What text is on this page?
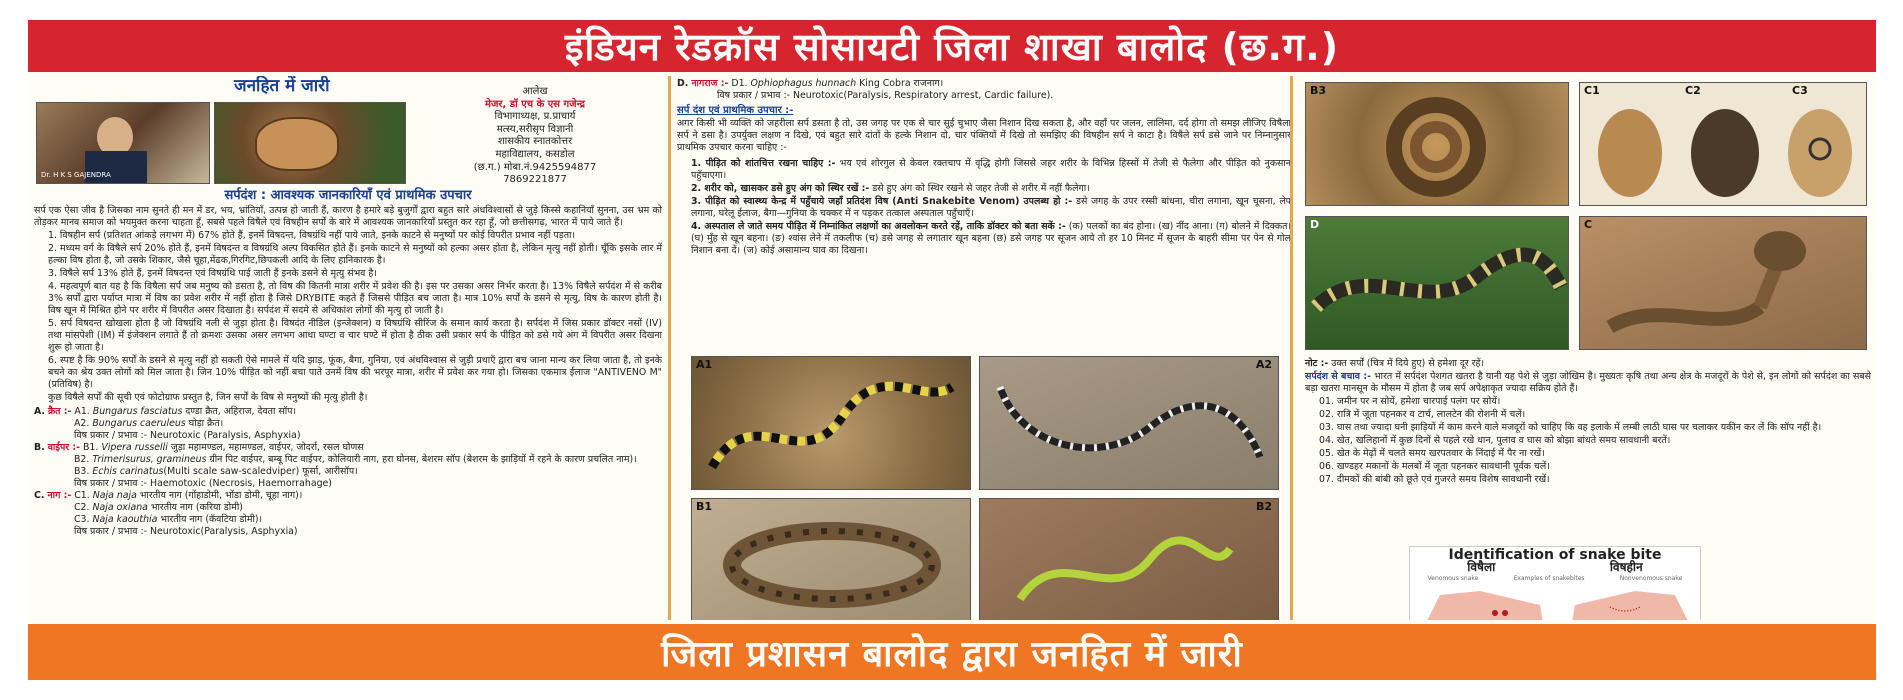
इंडियन रेडक्रॉस सोसायटी जिला शाखा बालोद (छ.ग.)
Dr. H K S GAJENDRA
जनहित में जारी	आलेख
मेजर, डॉ एच के एस गजेन्द्र
विभागाध्यक्ष, प्र.प्राचार्य
मत्स्य,सरीसृप विज्ञानी
शासकीय स्नातकोत्तर
महाविद्यालय, कसडोल
(छ.ग.) मोबा.नं.9425594877
7869221877
सर्पदंश : आवश्यक जानकारियाँ एवं प्राथमिक उपचार

सर्प एक ऐसा जीव है जिसका नाम सुनते ही मन में डर, भय, भ्रांतियाँ, उत्पन्न हो जाती हैं, कारण है हमारे बड़े बुजुर्गों द्वारा बहुत सारे अंधविश्वासों से जुड़े किस्से कहानियाँ सुनना, उस भ्रम को तोड़कर मानव समाज को भयमुक्त करना चाहता हूँ, सबसे पहले विषैले एवं विषहीन सर्पों के बारे में आवश्यक जानकारियाँ प्रस्तुत कर रहा हूँ, जो छत्तीसगढ़, भारत में पाये जाते हैं।

1. विषहीन सर्प (प्रतिशत आंकड़े लगभग में) 67% होते हैं, इनमें विषदन्त, विषग्रंथि नहीं पाये जाते, इनके काटने से मनुष्यों पर कोई विपरीत प्रभाव नहीं पड़ता।

2. मध्यम वर्ग के विषैले सर्प 20% होते हैं, इनमें विषदन्त व विषग्रंथि अल्प विकसित होते हैं। इनके काटने से मनुष्यों को हल्का असर होता है, लेकिन मृत्यु नहीं होती। चूँकि इसके लार में हल्का विष होता है, जो उसके शिकार, जैसे चूहा,मेंढक,गिरगिट,छिपकली आदि के लिए हानिकारक है।

3. विषैले सर्प 13% होते हैं, इनमें विषदन्त एवं विषग्रंथि पाई जाती हैं इनके डसने से मृत्यु संभव है।

4. महत्वपूर्ण बात यह है कि विषैला सर्प जब मनुष्य को डसता है, तो विष की कितनी मात्रा शरीर में प्रवेश की है। इस पर उसका असर निर्भर करता है। 13% विषैले सर्पदंश में से करीब 3% सर्पों द्वारा पर्याप्त मात्रा में विष का प्रवेश शरीर में नहीं होता है जिसे DRYBITE कहते हैं जिससे पीड़ित बच जाता है। मात्र 10% सर्पों के डसने से मृत्यु, विष के कारण होती है। विष खून में मिश्रित होने पर शरीर में विपरीत असर दिखाता है। सर्पदंश में सदमे से अधिकांश लोगों की मृत्यु हो जाती है।

5. सर्प विषदन्त खोखला होता है जो विषग्रंथि नली से जुड़ा होता है। विषदंत नीडिल (इन्जेक्शन) व विषग्रंथि सीरिंज के समान कार्य करता है। सर्पदंश में जिस प्रकार डॉक्टर नसों (IV) तथा मांसपेशी (IM) में इंजेक्शन लगाते हैं तो क्रमशः उसका असर लगभग आधा घण्टा व चार घण्टे में होता है ठीक उसी प्रकार सर्प के पीड़ित को डसे गये अंग में विपरीत असर दिखना शुरू हो जाता है।

6. स्पष्ट है कि 90% सर्पों के डसने से मृत्यु नहीं हो सकती ऐसे मामले में यदि झाड़, फूंक, बैगा, गुनिया, एवं अंधविश्वास से जुड़ी प्रथाएँ द्वारा बच जाना मान्य कर लिया जाता है, तो इनके बचने का श्रेय उक्त लोगों को मिल जाता है। जिन 10% पीड़ित को नहीं बचा पाते उनमें विष की भरपूर मात्रा, शरीर में प्रवेश कर गया हो। जिसका एकमात्र ईलाज "ANTIVENO M" (प्रतिविष) है।

कुछ विषैले सर्पों की सूची एवं फोटोग्राफ प्रस्तुत है, जिन सर्पों के विष से मनुष्यों की मृत्यु होती है।

A. क्रैत :- A1. Bungarus fasciatus दण्डा क्रैत, अहिराज, देवता सॉप।
A2. Bungarus caeruleus घोड़ा क्रैत।
विष प्रकार / प्रभाव :- Neurotoxic (Paralysis, Asphyxia)
B. वाईपर :- B1. Vipera russelli जुड़ा महामण्डल, महामण्डल, वाईपर, जोदर्रा, रसल घोणस
B2. Trimerisurus, gramineus ग्रीन पिट वाईपर, बम्बू पिट वाईपर, कोलियारी नाग, हरा घोनस, बेशरम सॉप (बेशरम के झाड़ियों में रहने के कारण प्रचलित नाम)।
B3. Echis carinatus(Multi scale saw-scaledviper) फूर्सा, आरीसॉप।
विष प्रकार / प्रभाव :- Haemotoxic (Necrosis, Haemorrahage)
C. नाग :- C1. Naja naja भारतीय नाग (गोंहाडोमी, भोंडा डोमी, चूहा नाग)।
C2. Naja oxiana भारतीय नाग (करिया डोमी)
C3. Naja kaouthia भारतीय नाग (कॅवटिया डोमी)।
विष प्रकार / प्रभाव :- Neurotoxic(Paralysis, Asphyxia)
D. नागराज :- D1. Ophiophagus hunnach King Cobra राजनाग।
विष प्रकार / प्रभाव :- Neurotoxic(Paralysis, Respiratory arrest, Cardic failure).
सर्प दंश एवं प्राथमिक उपचार :-

अगर किसी भी व्यक्ति को जहरीला सर्प डसता है तो, उस जगह पर एक से चार सुई चुभाए जैसा निशान दिख सकता है, और वहाँ पर जलन, लालिमा, दर्द होगा तो समझ लीजिए विषैला सर्प ने डसा है। उपर्युक्त लक्षण न दिखे, एवं बहुत सारे दांतों के हल्के निशान दो, चार पंक्तियों में दिखे तो समझिए की विषहीन सर्प ने काटा है। विषैले सर्प डसे जाने पर निम्नानुसार प्राथमिक उपचार करना चाहिए :-

1. पीड़ित को शांतचित्त रखना चाहिए :- भय एवं शोरगुल से केवल रक्तचाप में वृद्धि होगी जिससे जहर शरीर के विभिन्न हिस्सों में तेजी से फैलेगा और पीड़ित को नुकसान पहुँचाएगा।

2. शरीर को, खासकर डसे हुए अंग को स्थिर रखें :- डसे हुए अंग को स्थिर रखने से जहर तेजी से शरीर में नहीं फैलेगा।

3. पीड़ित को स्वास्थ्य केन्द्र में पहुँचाये जहाँ प्रतिदंश विष (Anti Snakebite Venom) उपलब्ध हो :- डसे जगह के उपर रस्सी बांधना, चीरा लगाना, खून चूसना, लेप लगाना, घरेलू ईलाज, बैगा—गुनिया के चक्कर में न पड़कर तत्काल अस्पताल पहुँचाएँ।

4. अस्पताल ले जाते समय पीड़ित में निम्नांकित लक्षणों का अवलोकन करते रहें, ताकि डॉक्टर को बता सकें :- (क) पलकों का बंद होना। (ख) नींद आना। (ग) बोलने में दिक्कत।(घ) मुँह से खून बहना। (ङ) श्वांस लेने में तकलीफ (च) डसे जगह से लगातार खून बहना (छ) डसे जगह पर सूजन आये तो हर 10 मिनट में सूजन के बाहरी सीमा पर पेन से गोल निशान बना दें। (ज) कोई असामान्य घाव का दिखना।

A1	A2
B1	B2
B3	C1	C2	C3
D	C

नोट :- उक्त सर्पों (चित्र में दिये हुए) से हमेशा दूर रहें।

सर्पदंश से बचाव :- भारत में सर्पदंश पेशगत खतरा है यानी यह पेशे से जुड़ा जोखिम है। मुख्यतः कृषि तथा अन्य क्षेत्र के मजदूरों के पेशे से, इन लोगों को सर्पदंश का सबसे बड़ा खतरा मानसून के मौसम में होता है जब सर्प अपेक्षाकृत ज्यादा सक्रिय होते हैं।

01. जमीन पर न सोयें, हमेशा चारपाई पलंग पर सोयें।

02. रात्रि में जूता पहनकर व टार्च, लालटेन की रोशनी में चलें।

03. घास तथा ज्यादा घनी झाड़ियों में काम करने वाले मजदूरों को चाहिए कि वह इलाके में लम्बी लाठी घास पर चलाकर यकीन कर लें कि सॉप नहीं है।

04. खेत, खलिहानों में कुछ दिनों से पहले रखे धान, पुलाव व घास को बोझा बांधते समय सावधानी बरतें।

05. खेत के मेढ़ों में चलते समय खरपतवार के निंदाई में पैर ना रखें।

06. खण्डहर मकानों के मलबों में जूता पहनकर सावधानी पूर्वक चलें।

07. दीमकों की बांबी को छूते एवं गुजरते समय विशेष सावधानी रखें।

Identification of snake bite
विषैला	विषहीन
Venomous snake	Examples of snakebites	Nonvenomous snake
जिला प्रशासन बालोद द्वारा जनहित में जारी
